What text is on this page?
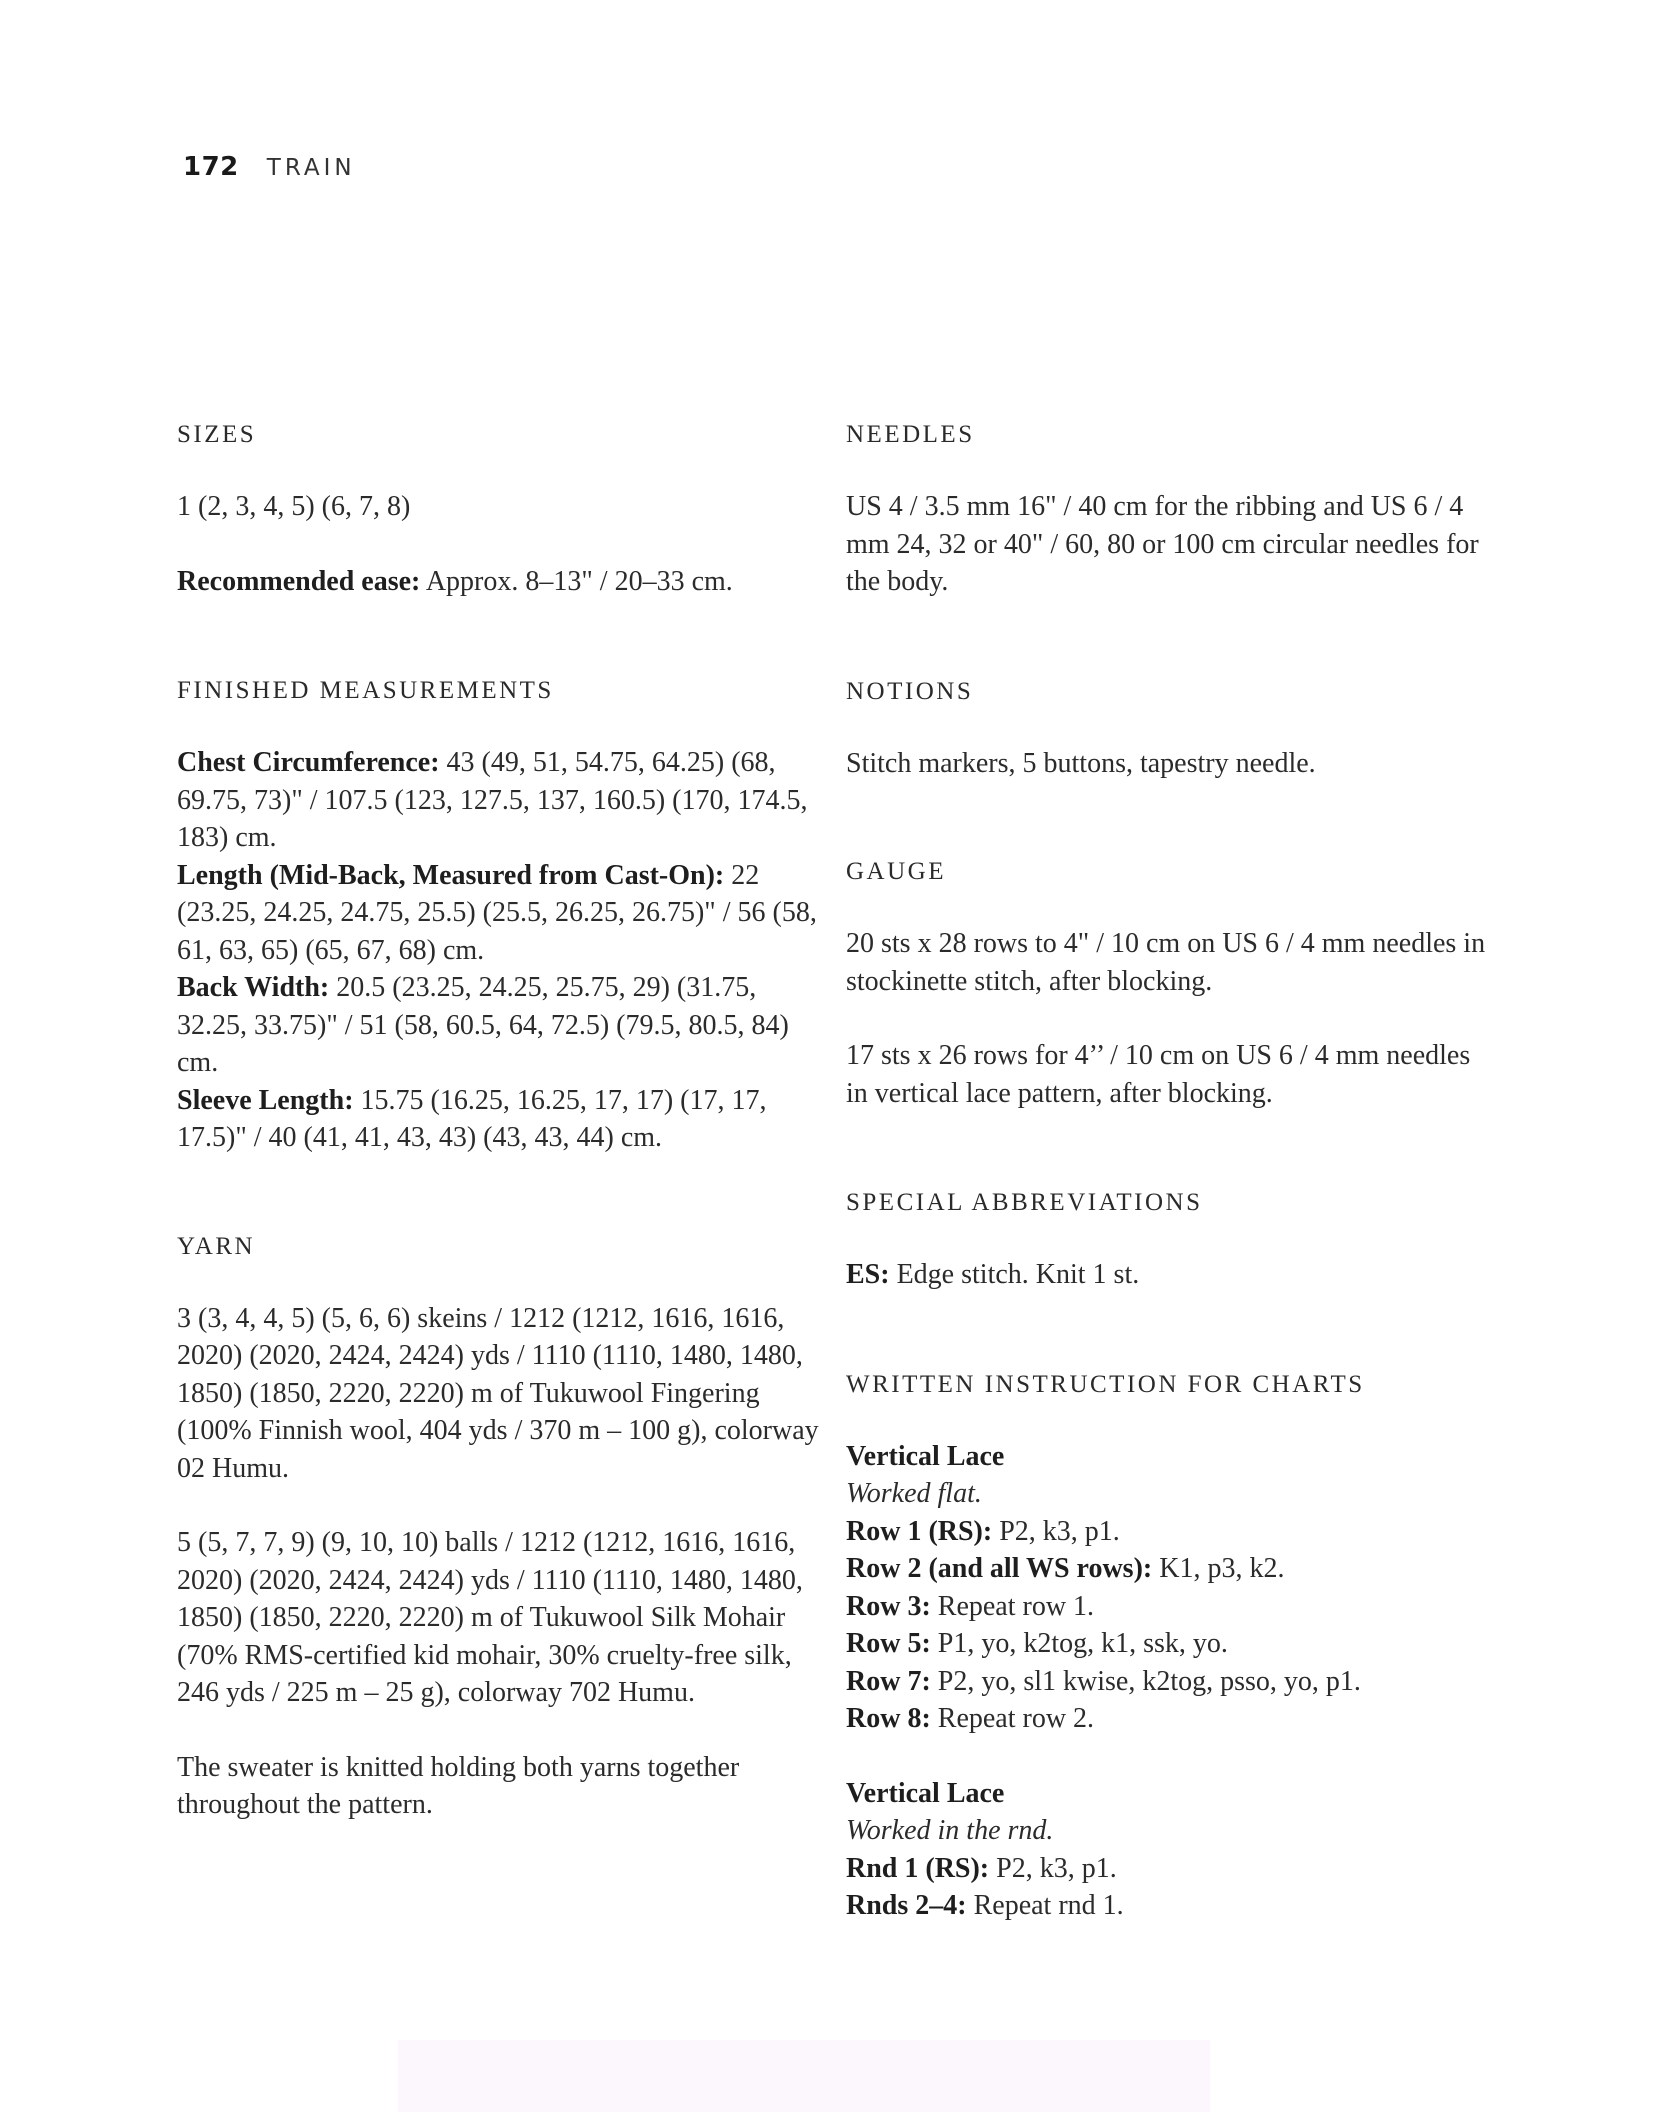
172 TRAIN
SIZES

1 (2, 3, 4, 5) (6, 7, 8)

Recommended ease: Approx. 8–13" / 20–33 cm.

FINISHED MEASUREMENTS

Chest Circumference: 43 (49, 51, 54.75, 64.25) (68, 69.75, 73)" / 107.5 (123, 127.5, 137, 160.5) (170, 174.5, 183) cm.

Length (Mid-Back, Measured from Cast-On): 22 (23.25, 24.25, 24.75, 25.5) (25.5, 26.25, 26.75)" / 56 (58, 61, 63, 65) (65, 67, 68) cm.

Back Width: 20.5 (23.25, 24.25, 25.75, 29) (31.75, 32.25, 33.75)" / 51 (58, 60.5, 64, 72.5) (79.5, 80.5, 84) cm.

Sleeve Length: 15.75 (16.25, 16.25, 17, 17) (17, 17, 17.5)" / 40 (41, 41, 43, 43) (43, 43, 44) cm.

YARN

3 (3, 4, 4, 5) (5, 6, 6) skeins / 1212 (1212, 1616, 1616, 2020) (2020, 2424, 2424) yds / 1110 (1110, 1480, 1480, 1850) (1850, 2220, 2220) m of Tukuwool Fingering (100% Finnish wool, 404 yds / 370 m – 100 g), colorway 02 Humu.

5 (5, 7, 7, 9) (9, 10, 10) balls / 1212 (1212, 1616, 1616, 2020) (2020, 2424, 2424) yds / 1110 (1110, 1480, 1480, 1850) (1850, 2220, 2220) m of Tukuwool Silk Mohair (70% RMS-certified kid mohair, 30% cruelty-free silk, 246 yds / 225 m – 25 g), colorway 702 Humu.

The sweater is knitted holding both yarns together throughout the pattern.

NEEDLES

US 4 / 3.5 mm 16" / 40 cm for the ribbing and US 6 / 4 mm 24, 32 or 40" / 60, 80 or 100 cm circular needles for the body.

NOTIONS

Stitch markers, 5 buttons, tapestry needle.

GAUGE

20 sts x 28 rows to 4" / 10 cm on US 6 / 4 mm needles in stockinette stitch, after blocking.

17 sts x 26 rows for 4’’ / 10 cm on US 6 / 4 mm needles in vertical lace pattern, after blocking.

SPECIAL ABBREVIATIONS

ES: Edge stitch. Knit 1 st.

WRITTEN INSTRUCTION FOR CHARTS

Vertical Lace

Worked flat.

Row 1 (RS): P2, k3, p1.

Row 2 (and all WS rows): K1, p3, k2.

Row 3: Repeat row 1.

Row 5: P1, yo, k2tog, k1, ssk, yo.

Row 7: P2, yo, sl1 kwise, k2tog, psso, yo, p1.

Row 8: Repeat row 2.

Vertical Lace

Worked in the rnd.

Rnd 1 (RS): P2, k3, p1.

Rnds 2–4: Repeat rnd 1.
